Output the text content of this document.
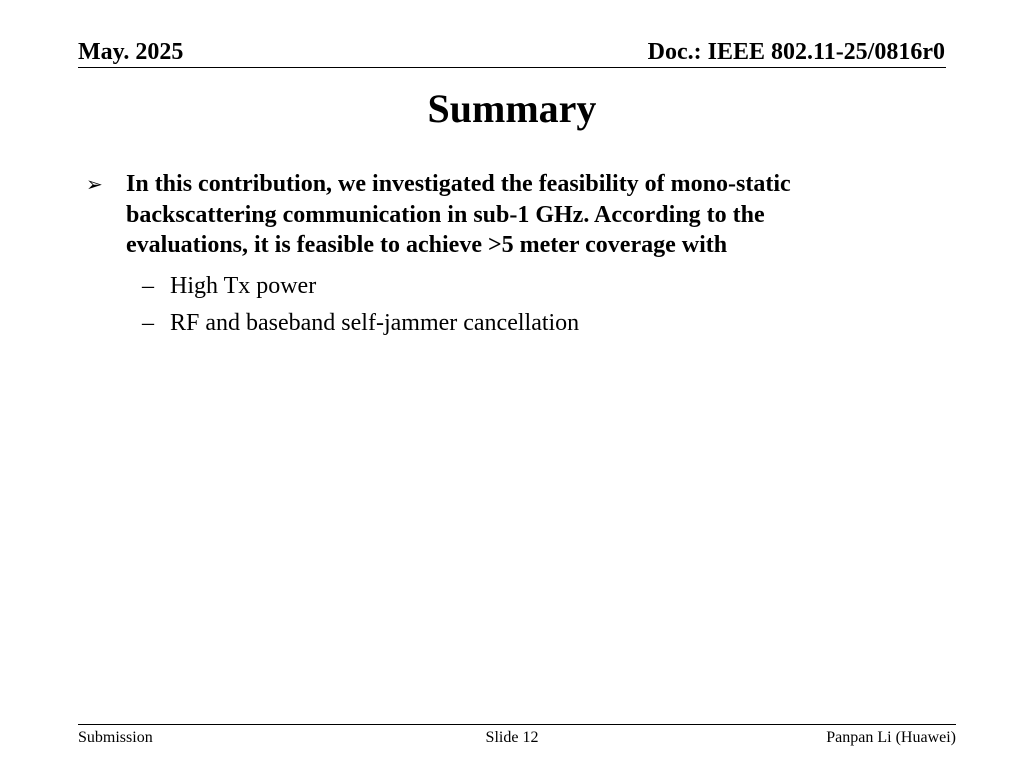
May. 2025	Doc.: IEEE 802.11-25/0816r0
Summary
➢ In this contribution, we investigated the feasibility of mono-static backscattering communication in sub-1 GHz. According to the evaluations, it is feasible to achieve >5 meter coverage with
– High Tx power
– RF and baseband self-jammer cancellation
Submission	Slide 12	Panpan Li (Huawei)
